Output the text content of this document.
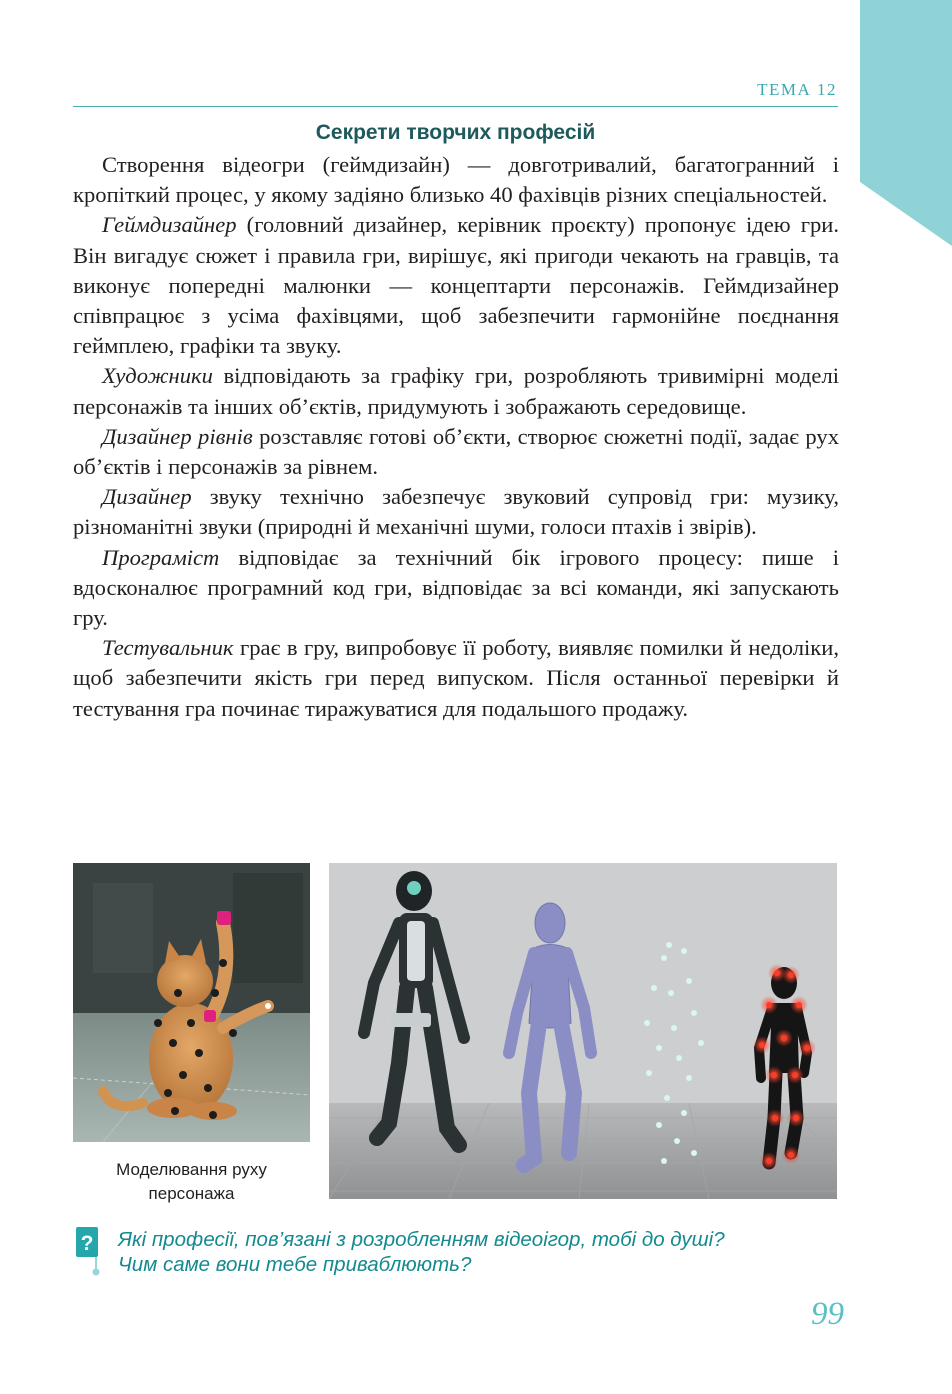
ТЕМА 12
Секрети творчих професій

Створення відеогри (геймдизайн) — довготривалий, багатогранний і кропіткий процес, у якому задіяно близько 40 фахівців різних спеціальностей.

Геймдизайнер (головний дизайнер, керівник проєкту) пропонує ідею гри. Він вигадує сюжет і правила гри, вирішує, які пригоди чекають на гравців, та виконує попередні малюнки — концептарти персонажів. Геймдизайнер співпрацює з усіма фахівцями, щоб забезпечити гармонійне поєднання геймплею, графіки та звуку.

Художники відповідають за графіку гри, розробляють тривимірні моделі персонажів та інших об’єктів, придумують і зображають середовище.

Дизайнер рівнів розставляє готові об’єкти, створює сюжетні події, задає рух об’єктів і персонажів за рівнем.

Дизайнер звуку технічно забезпечує звуковий супровід гри: музику, різноманітні звуки (природні й механічні шуми, голоси птахів і звірів).

Програміст відповідає за технічний бік ігрового процесу: пише і вдосконалює програмний код гри, відповідає за всі команди, які запускають гру.

Тестувальник грає в гру, випробовує її роботу, виявляє помилки й недоліки, щоб забезпечити якість гри перед випуском. Після останньої перевірки й тестування гра починає тиражуватися для подальшого продажу.

Моделювання руху
персонажа
? Які професії, пов’язані з розробленням відеоігор, тобі до душі?
Чим саме вони тебе приваблюють?
99
